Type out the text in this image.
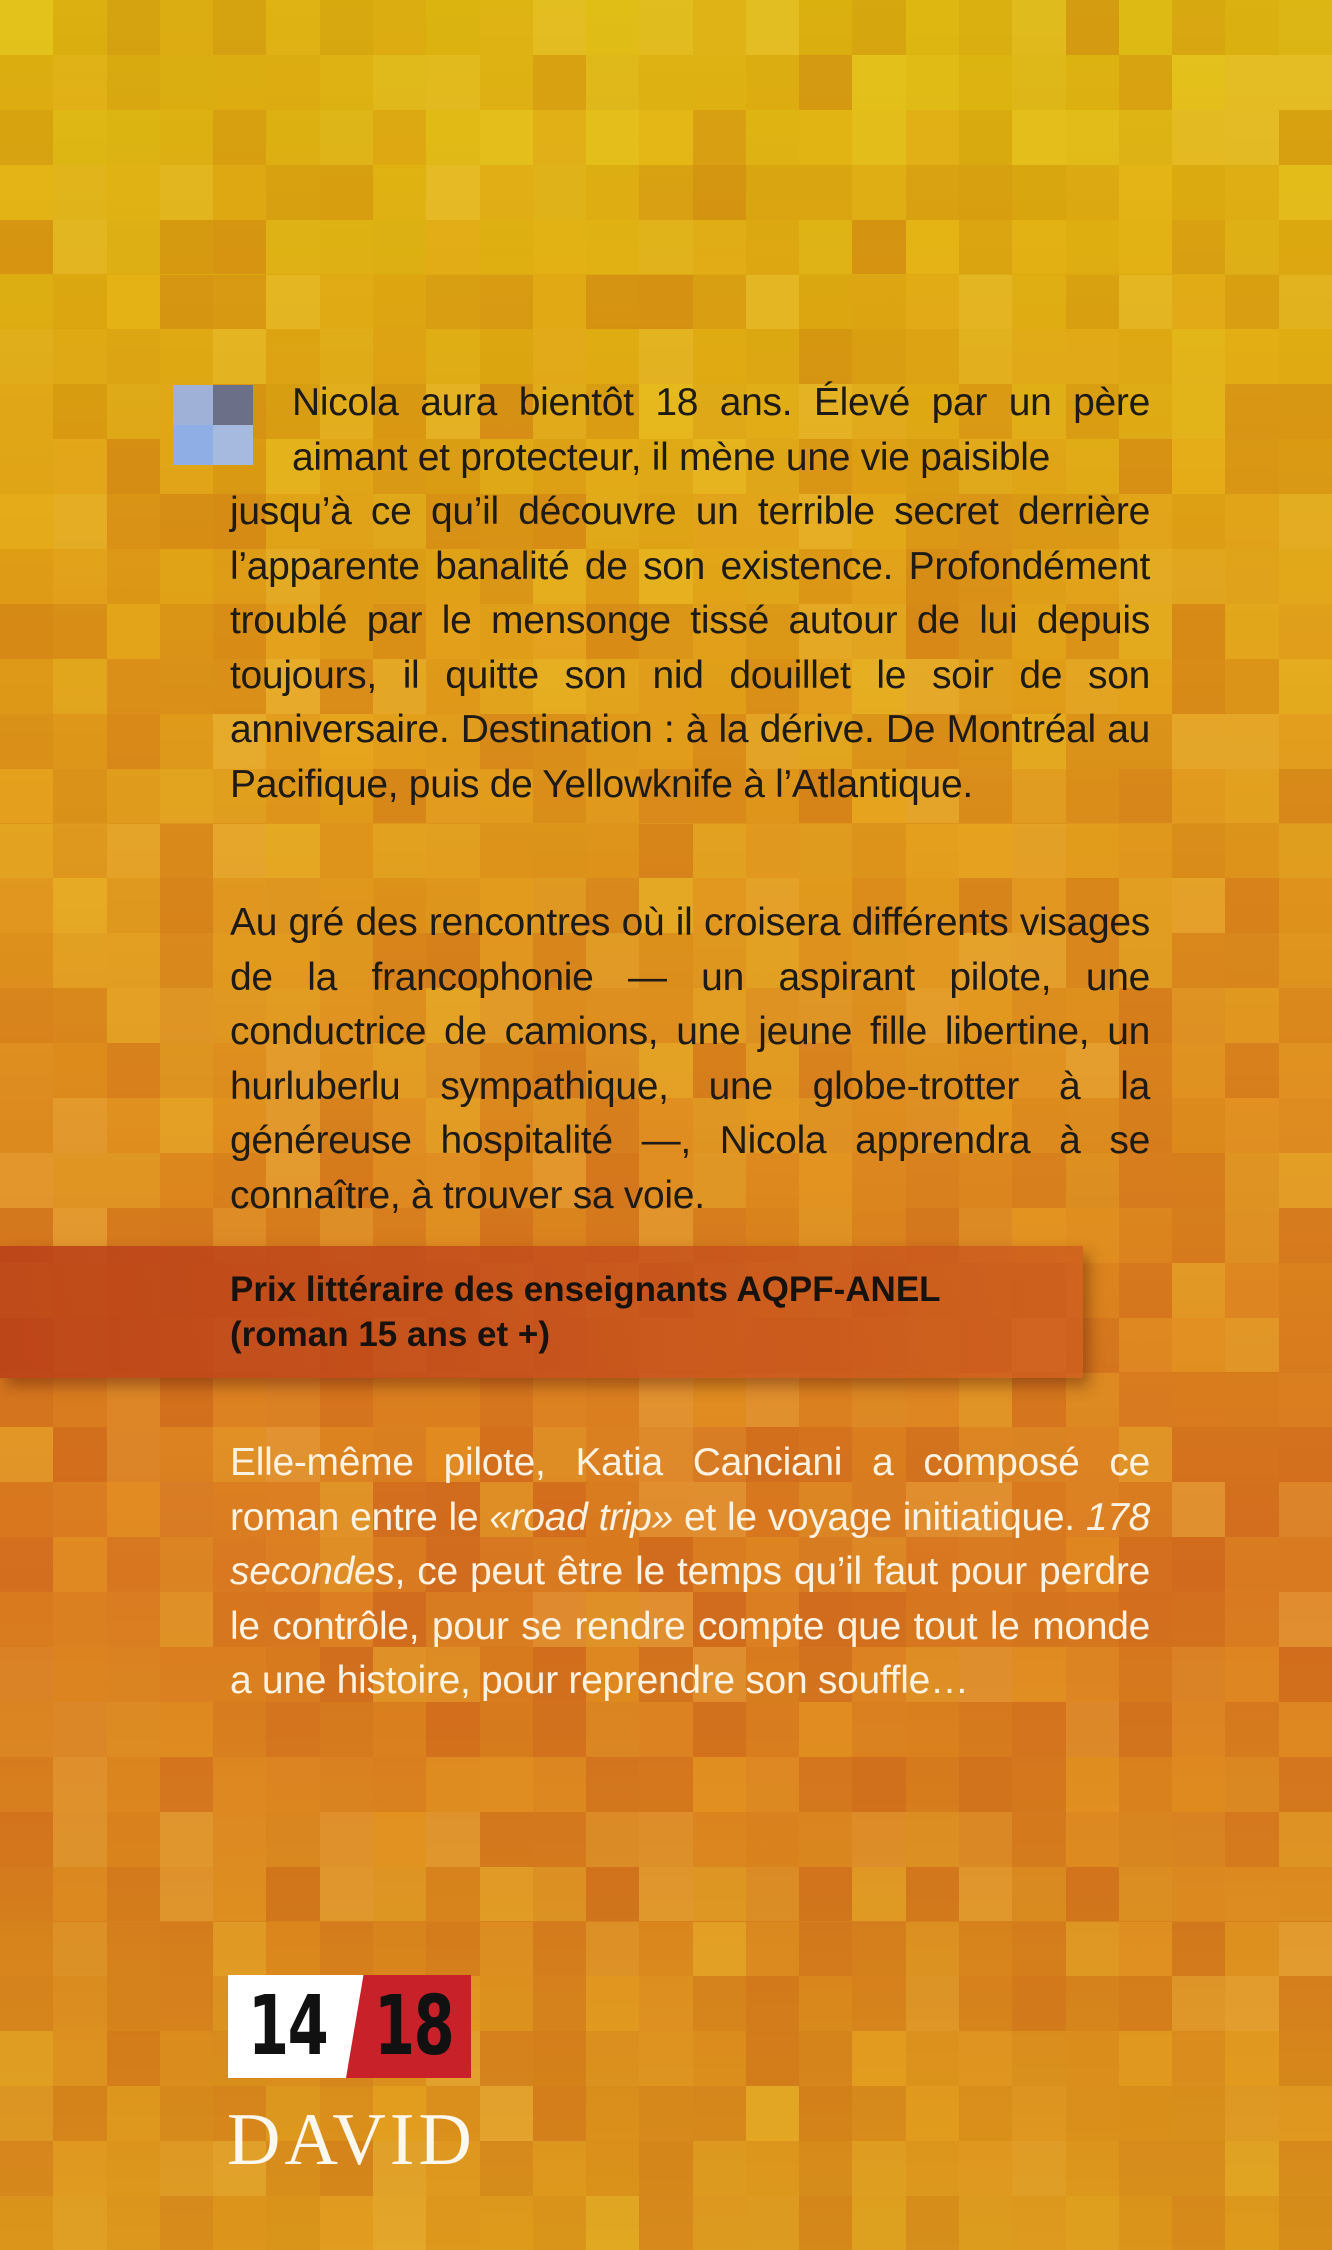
Nicola aura bientôt 18 ans. Élevé par un père aimant et protecteur, il mène une vie paisible
jusqu’à ce qu’il découvre un terrible secret derrière l’apparente banalité de son existence. Profondément troublé par le mensonge tissé autour de lui depuis toujours, il quitte son nid douillet le soir de son anniversaire. Destination : à la dérive. De Montréal au Pacifique, puis de Yellowknife à l’Atlantique.

Au gré des rencontres où il croisera différents visages de la francophonie — un aspirant pilote, une conductrice de camions, une jeune fille libertine, un hurluberlu sympathique, une globe-trotter à la généreuse hospitalité —, Nicola apprendra à se connaître, à trouver sa voie.

Prix littéraire des enseignants AQPF-ANEL
(roman 15 ans et +)

Elle-même pilote, Katia Canciani a composé ce roman entre le «road trip» et le voyage initiatique. 178 secondes, ce peut être le temps qu’il faut pour perdre le contrôle, pour se rendre compte que tout le monde a une histoire, pour reprendre son souffle…

14 18

DAVID
